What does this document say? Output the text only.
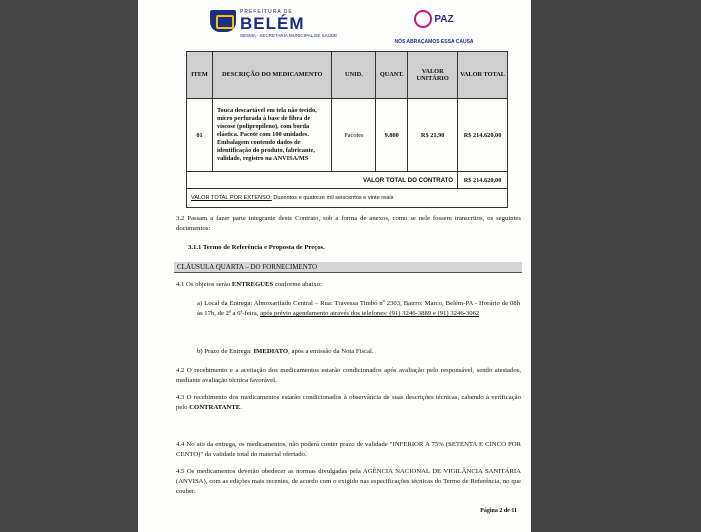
PREFEITURA DE
BELÉM
SESMA - SECRETARIA MUNICIPAL DE SAÚDE
PAZ
NÓS ABRAÇAMOS ESSA CAUSA
ITEM	DESCRIÇÃO DO MEDICAMENTO	UNID.	QUANT.	VALOR UNITÁRIO	VALOR TOTAL
01	Touca descartável em tela não tecido, micro perfurada à base de fibra de viscose (polipropileno), com borda elástica. Pacote com 100 unidades. Embalagem contendo dados de identificação do produto, fabricante, validade, registro na ANVISA/MS	Pacotes	9.800	R$ 21,90	R$ 214.620,00
VALOR TOTAL DO CONTRATO					R$ 214.620,00
VALOR TOTAL POR EXTENSO: Duzentos e quatorze mil seiscentos e vinte reais					
3.2 Passam a fazer parte integrante deste Contrato, sob a forma de anexos, como se nele fossem transcritos, os seguintes documentos:
3.1.1 Termo de Referência e Proposta de Preços.
CLÁUSULA QUARTA – DO FORNECIMENTO
4.1 Os objetos serão ENTREGUES conforme abaixo:
a) Local da Entrega: Almoxarifado Central – Rua: Travessa Timbó nº 2303, Bairro: Marco, Belém-PA - Horário de 08h às 17h, de 2ª a 6ª-feira, após prévio agendamento através dos telefones: (91) 3246-3889 e (91) 3246-3062
b) Prazo de Entrega: IMEDIATO, após a emissão da Nota Fiscal.
4.2 O recebimento e a aceitação dos medicamentos estarão condicionados após avaliação pelo responsável, sendo atestados, mediante avaliação técnica favorável.
4.3 O recebimento dos medicamentos estarão condicionados à observância de suas descrições técnicas, cabendo à verificação pelo CONTRATANTE.
4.4 No ato da entrega, os medicamentos, não poderá conter prazo de validade "INFERIOR A 75% (SETENTA E CINCO POR CENTO)" da validade total do material ofertado.
4.5 Os medicamentos deverão obedecer as normas divulgadas pela AGÊNCIA NACIONAL DE VIGILÂNCIA SANITÁRIA (ANVISA), com as edições mais recentes, de acordo com o exigido nas especificações técnicas do Termo de Referência, no que couber.
Página 2 de 11
